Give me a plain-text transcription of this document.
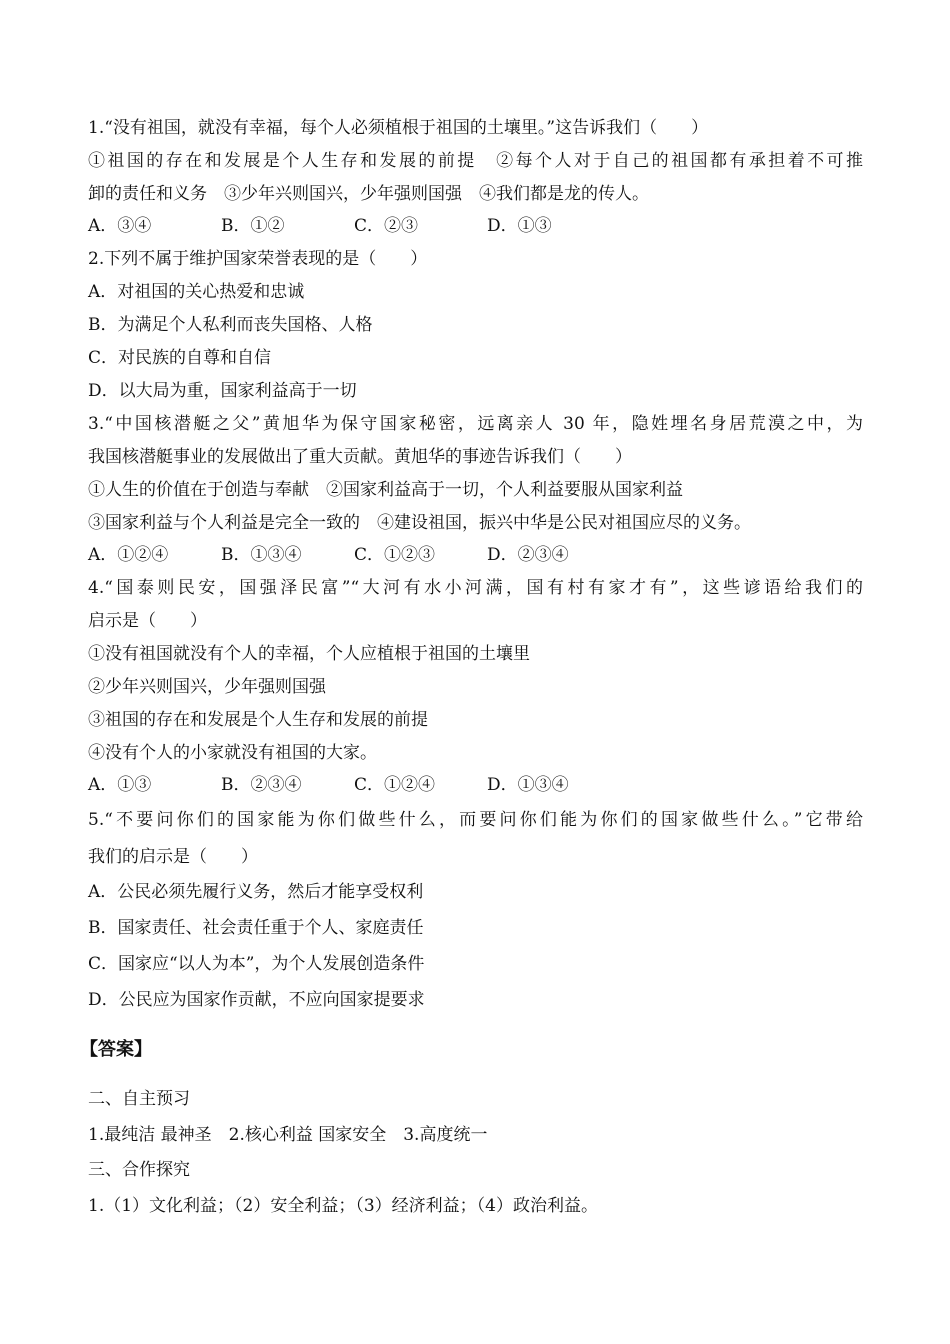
1.“没有祖国，就没有幸福，每个人必须植根于祖国的土壤里。”这告诉我们（　　）
①祖国的存在和发展是个人生存和发展的前提　②每个人对于自己的祖国都有承担着不可推
卸的责任和义务　③少年兴则国兴，少年强则国强　④我们都是龙的传人。
A．③④	B．①②	C．②③	D．①③
2.下列不属于维护国家荣誉表现的是（　　）
A．对祖国的关心热爱和忠诚
B．为满足个人私利而丧失国格、人格
C．对民族的自尊和自信
D．以大局为重，国家利益高于一切
3.“中国核潜艇之父”黄旭华为保守国家秘密，远离亲人 30 年，隐姓埋名身居荒漠之中，为
我国核潜艇事业的发展做出了重大贡献。黄旭华的事迹告诉我们（　　）
①人生的价值在于创造与奉献　②国家利益高于一切，个人利益要服从国家利益
③国家利益与个人利益是完全一致的　④建设祖国，振兴中华是公民对祖国应尽的义务。
A．①②④	B．①③④	C．①②③	D．②③④
4.“国泰则民安，国强泽民富”“大河有水小河满，国有村有家才有”，这些谚语给我们的
启示是（　　）
①没有祖国就没有个人的幸福，个人应植根于祖国的土壤里
②少年兴则国兴，少年强则国强
③祖国的存在和发展是个人生存和发展的前提
④没有个人的小家就没有祖国的大家。
A．①③	B．②③④	C．①②④	D．①③④
5.“不要问你们的国家能为你们做些什么，而要问你们能为你们的国家做些什么。”它带给
我们的启示是（　　）
A．公民必须先履行义务，然后才能享受权利
B．国家责任、社会责任重于个人、家庭责任
C．国家应“以人为本”，为个人发展创造条件
D．公民应为国家作贡献，不应向国家提要求
【答案】
二、自主预习
1.最纯洁 最神圣　2.核心利益 国家安全　3.高度统一
三、合作探究
1.（1）文化利益；（2）安全利益；（3）经济利益；（4）政治利益。
